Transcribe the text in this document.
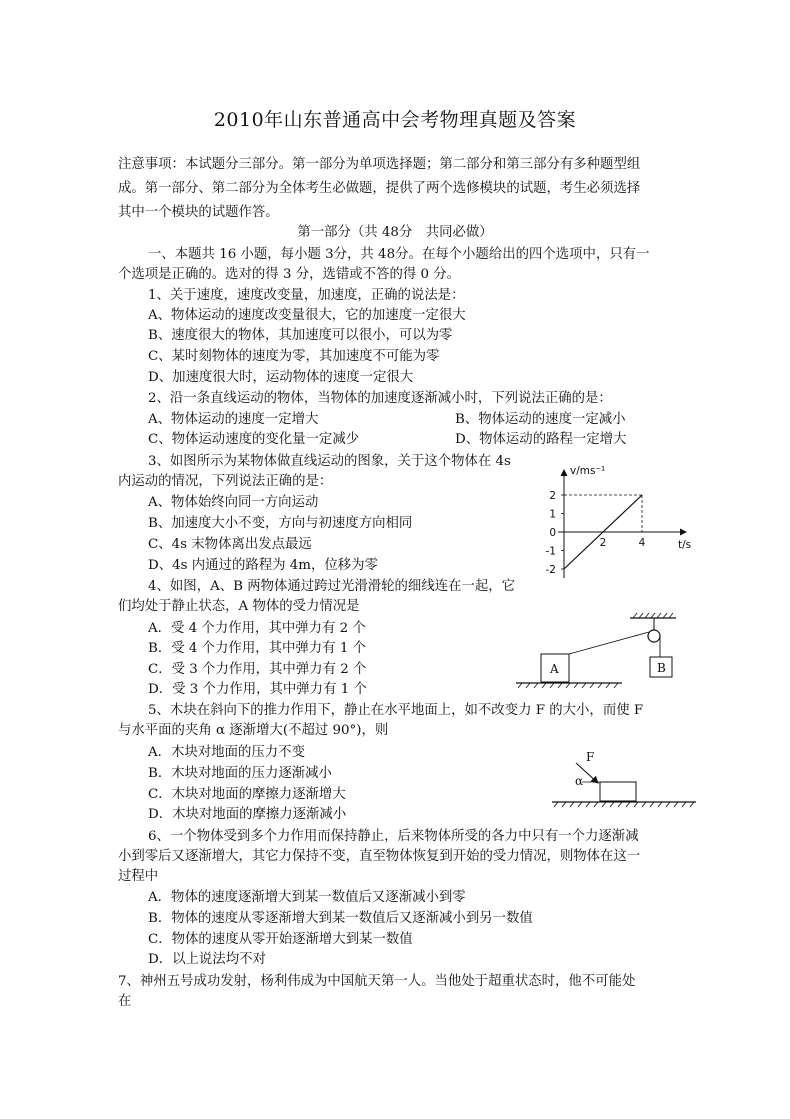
2010年山东普通高中会考物理真题及答案
注意事项：本试题分三部分。第一部分为单项选择题；第二部分和第三部分有多种题型组
成。第一部分、第二部分为全体考生必做题，提供了两个选修模块的试题，考生必须选择
其中一个模块的试题作答。
第一部分（共 48分　共同必做）
一、本题共 16 小题，每小题 3分，共 48分。在每个小题给出的四个选项中，只有一
个选项是正确的。选对的得 3 分，选错或不答的得 0 分。
1、关于速度，速度改变量，加速度，正确的说法是：
A、物体运动的速度改变量很大，它的加速度一定很大
B、速度很大的物体，其加速度可以很小，可以为零
C、某时刻物体的速度为零，其加速度不可能为零
D、加速度很大时，运动物体的速度一定很大
2、沿一条直线运动的物体，当物体的加速度逐渐减小时，下列说法正确的是：
A、物体运动的速度一定增大	B、物体运动的速度一定减小
C、物体运动速度的变化量一定减少	D、物体运动的路程一定增大
3、如图所示为某物体做直线运动的图象，关于这个物体在 4s
内运动的情况，下列说法正确的是：
A、物体始终向同一方向运动
B、加速度大小不变，方向与初速度方向相同
C、4s 末物体离出发点最远
D、4s 内通过的路程为 4m，位移为零
4、如图，A、B 两物体通过跨过光滑滑轮的细线连在一起，它
们均处于静止状态，A 物体的受力情况是
A．受 4 个力作用，其中弹力有 2 个
B．受 4 个力作用，其中弹力有 1 个
C．受 3 个力作用，其中弹力有 2 个
D．受 3 个力作用，其中弹力有 1 个
5、木块在斜向下的推力作用下，静止在水平地面上，如不改变力 F 的大小，而使 F
与水平面的夹角 α 逐渐增大(不超过 90°)，则
A．木块对地面的压力不变
B．木块对地面的压力逐渐减小
C．木块对地面的摩擦力逐渐增大
D．木块对地面的摩擦力逐渐减小
6、一个物体受到多个力作用而保持静止，后来物体所受的各力中只有一个力逐渐减
小到零后又逐渐增大，其它力保持不变，直至物体恢复到开始的受力情况，则物体在这一
过程中
A．物体的速度逐渐增大到某一数值后又逐渐减小到零
B．物体的速度从零逐渐增大到某一数值后又逐渐减小到另一数值
C．物体的速度从零开始逐渐增大到某一数值
D．以上说法均不对
7、神州五号成功发射，杨利伟成为中国航天第一人。当他处于超重状态时，他不可能处
在
v/ms⁻¹
t/s
2
1
0
-1
-2
2	4
A	B
F
α
